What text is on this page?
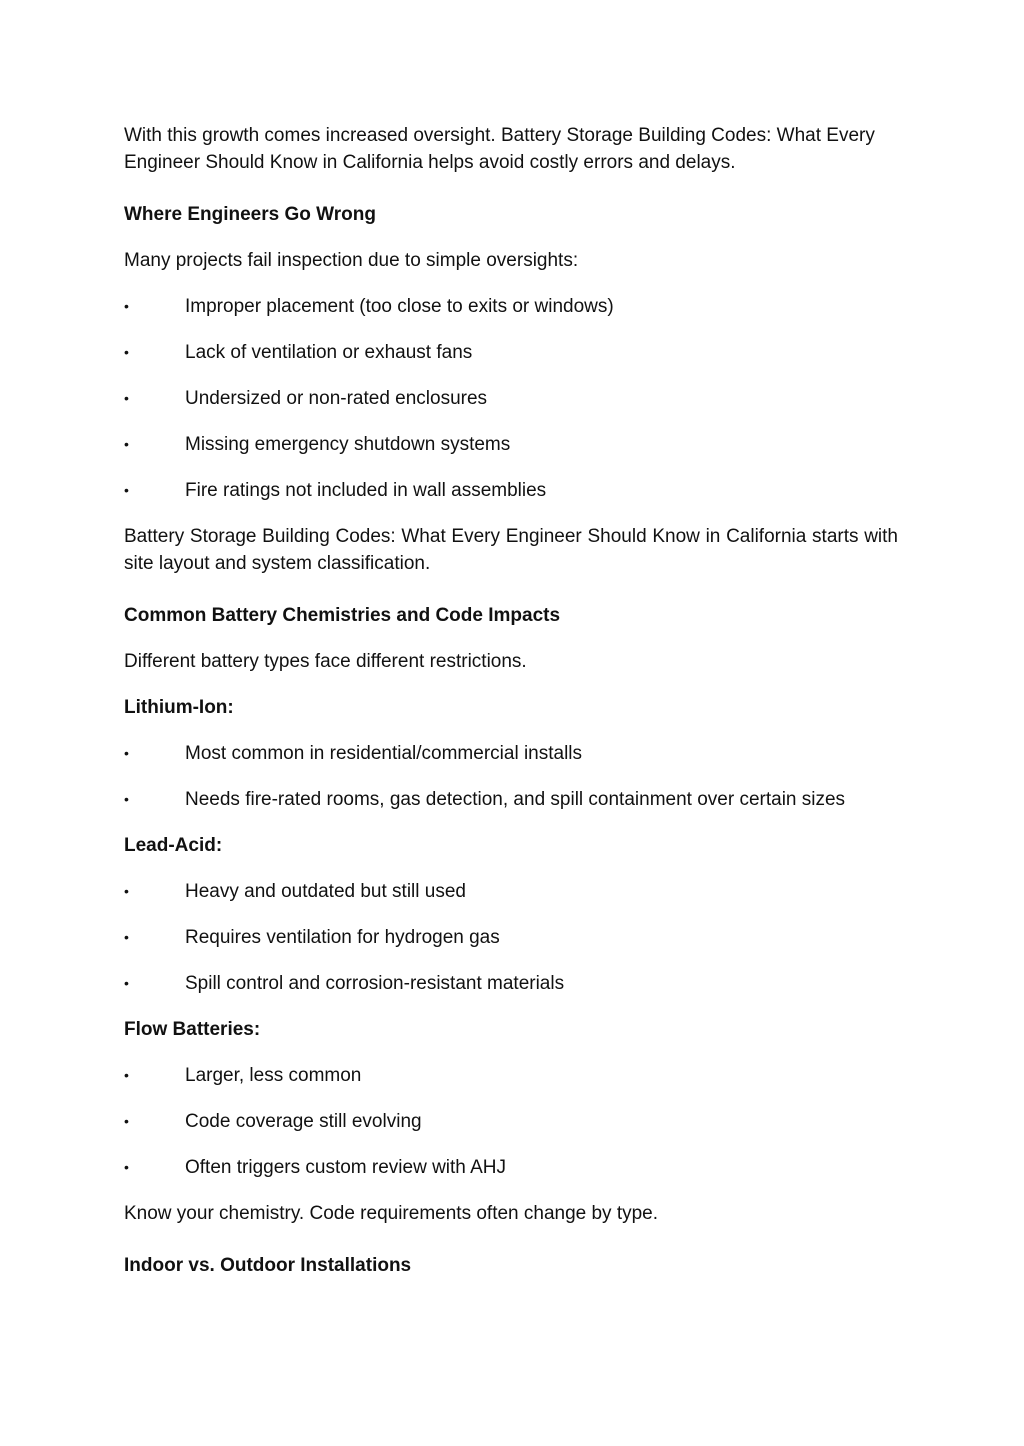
With this growth comes increased oversight. Battery Storage Building Codes: What Every Engineer Should Know in California helps avoid costly errors and delays.

Where Engineers Go Wrong

Many projects fail inspection due to simple oversights:

•	Improper placement (too close to exits or windows)
•	Lack of ventilation or exhaust fans
•	Undersized or non-rated enclosures
•	Missing emergency shutdown systems
•	Fire ratings not included in wall assemblies

Battery Storage Building Codes: What Every Engineer Should Know in California starts with site layout and system classification.

Common Battery Chemistries and Code Impacts

Different battery types face different restrictions.

Lithium-Ion:
•	Most common in residential/commercial installs
•	Needs fire-rated rooms, gas detection, and spill containment over certain sizes
Lead-Acid:
•	Heavy and outdated but still used
•	Requires ventilation for hydrogen gas
•	Spill control and corrosion-resistant materials
Flow Batteries:
•	Larger, less common
•	Code coverage still evolving
•	Often triggers custom review with AHJ

Know your chemistry. Code requirements often change by type.

Indoor vs. Outdoor Installations
